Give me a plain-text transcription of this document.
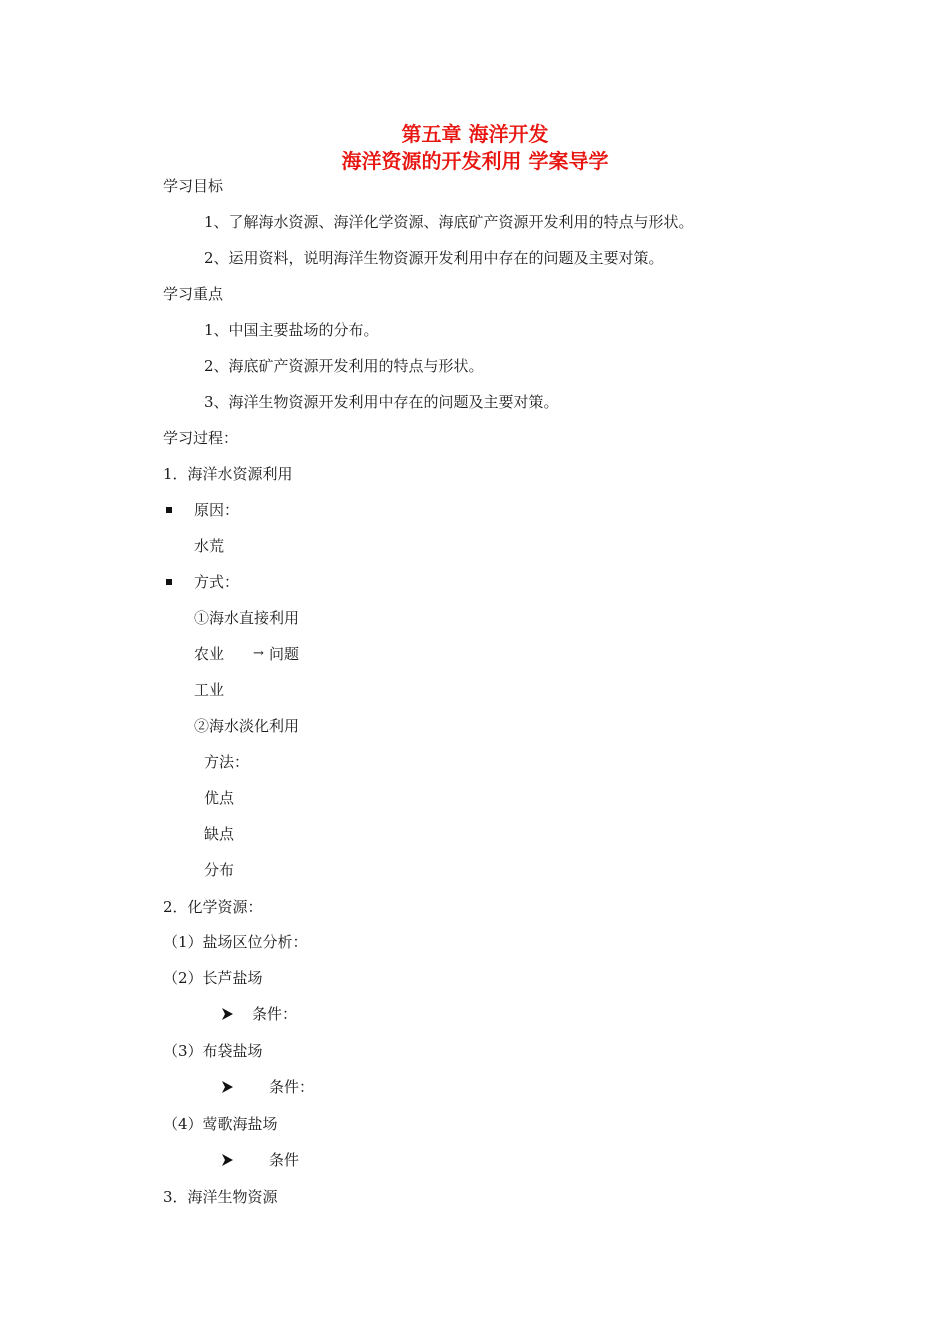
第五章 海洋开发
海洋资源的开发利用 学案导学
学习目标
1、了解海水资源、海洋化学资源、海底矿产资源开发利用的特点与形状。
2、运用资料，说明海洋生物资源开发利用中存在的问题及主要对策。
学习重点
1、中国主要盐场的分布。
2、海底矿产资源开发利用的特点与形状。
3、海洋生物资源开发利用中存在的问题及主要对策。
学习过程：
1．海洋水资源利用
原因：
水荒
方式：
①海水直接利用
农业 → 问题
工业
②海水淡化利用
方法：
优点
缺点
分布
2．化学资源：
（1）盐场区位分析：
（2）长芦盐场
条件：
（3）布袋盐场
条件：
（4）莺歌海盐场
条件
3．海洋生物资源
